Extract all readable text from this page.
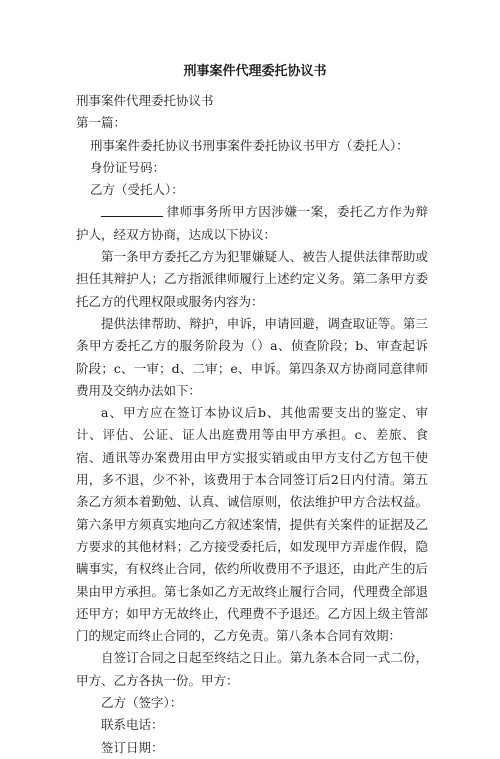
刑事案件代理委托协议书
刑事案件代理委托协议书
第一篇：
刑事案件委托协议书刑事案件委托协议书甲方（委托人）：
身份证号码：
乙方（受托人）：

律师事务所甲方因涉嫌一案，委托乙方作为辩护人，经双方协商，达成以下协议：

第一条甲方委托乙方为犯罪嫌疑人、被告人提供法律帮助或担任其辩护人；乙方指派律师履行上述约定义务。第二条甲方委托乙方的代理权限或服务内容为：

提供法律帮助、辩护，申诉，申请回避，调查取证等。第三条甲方委托乙方的服务阶段为（）a、侦查阶段；b、审查起诉阶段；c、一审；d、二审；e、申诉。第四条双方协商同意律师费用及交纳办法如下：

a、甲方应在签订本协议后b、其他需要支出的鉴定、审计、评估、公证、证人出庭费用等由甲方承担。c、差旅、食宿、通讯等办案费用由甲方实报实销或由甲方支付乙方包干使用，多不退，少不补，该费用于本合同签订后2日内付清。第五条乙方须本着勤勉、认真、诚信原则，依法维护甲方合法权益。第六条甲方须真实地向乙方叙述案情，提供有关案件的证据及乙方要求的其他材料；乙方接受委托后，如发现甲方弄虚作假，隐瞒事实，有权终止合同，依约所收费用不予退还，由此产生的后果由甲方承担。第七条如乙方无故终止履行合同，代理费全部退还甲方；如甲方无故终止，代理费不予退还。乙方因上级主管部门的规定而终止合同的，乙方免责。第八条本合同有效期：

自签订合同之日起至终结之日止。第九条本合同一式二份，甲方、乙方各执一份。甲方：

乙方（签字）：
联系电话：
签订日期：
